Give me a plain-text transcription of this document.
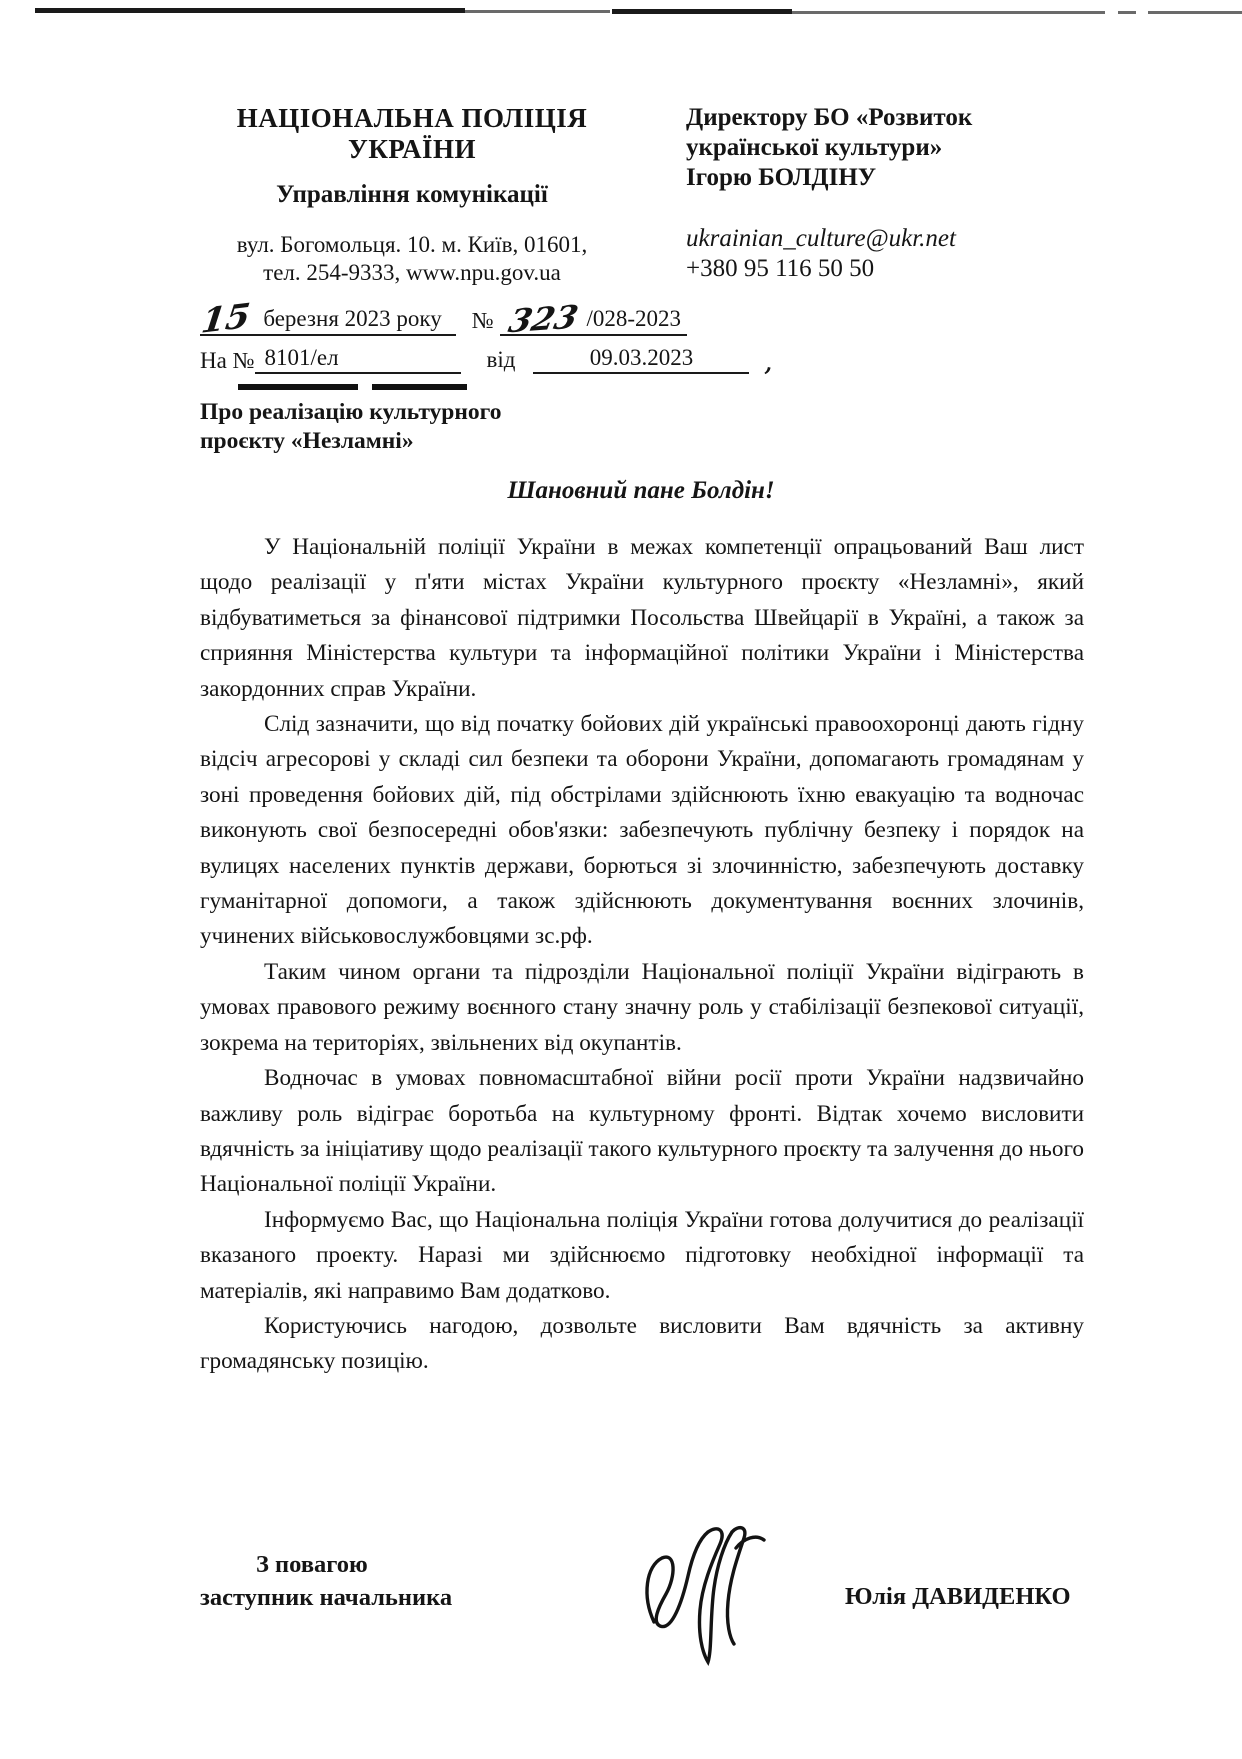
НАЦІОНАЛЬНА ПОЛІЦІЯ
УКРАЇНИ
Управління комунікації
вул. Богомольця. 10. м. Київ, 01601,
тел. 254-9333, www.npu.gov.ua
Директору БО «Розвиток
української культури»
Ігорю БОЛДІНУ
ukrainian_culture@ukr.net
+380 95 116 50 50
15 березня 2023 року	№ 323 /028-2023
На № 8101/ел	від	09.03.2023
ʼ
Про реалізацію культурного
проєкту «Незламні»
Шановний пане Болдін!

У Національній поліції України в межах компетенції опрацьований Ваш лист щодо реалізації у п'яти містах України культурного проєкту «Незламні», який відбуватиметься за фінансової підтримки Посольства Швейцарії в Україні, а також за сприяння Міністерства культури та інформаційної політики України і Міністерства закордонних справ України.

Слід зазначити, що від початку бойових дій українські правоохоронці дають гідну відсіч агресорові у складі сил безпеки та оборони України, допомагають громадянам у зоні проведення бойових дій, під обстрілами здійснюють їхню евакуацію та водночас виконують свої безпосередні обов'язки: забезпечують публічну безпеку і порядок на вулицях населених пунктів держави, борються зі злочинністю, забезпечують доставку гуманітарної допомоги, а також здійснюють документування воєнних злочинів, учинених військовослужбовцями зс.рф.

Таким чином органи та підрозділи Національної поліції України відіграють в умовах правового режиму воєнного стану значну роль у стабілізації безпекової ситуації, зокрема на територіях, звільнених від окупантів.

Водночас в умовах повномасштабної війни росії проти України надзвичайно важливу роль відіграє боротьба на культурному фронті. Відтак хочемо висловити вдячність за ініціативу щодо реалізації такого культурного проєкту та залучення до нього Національної поліції України.

Інформуємо Вас, що Національна поліція України готова долучитися до реалізації вказаного проекту. Наразі ми здійснюємо підготовку необхідної інформації та матеріалів, які направимо Вам додатково.

Користуючись нагодою, дозвольте висловити Вам вдячність за активну громадянську позицію.

З повагою
заступник начальника	Юлія ДАВИДЕНКО
